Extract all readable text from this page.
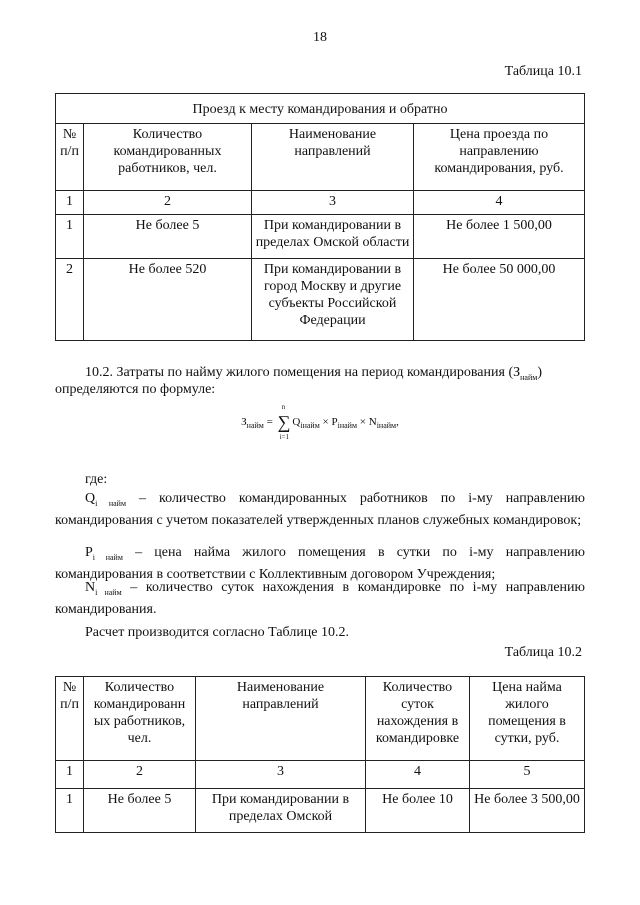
18
Таблица 10.1
Проезд к месту командирования и обратно			
№ п/п	Количество командированных работников, чел.	Наименование направлений	Цена проезда по направлению командирования, руб.
1	2	3	4
1	Не более 5	При командировании в пределах Омской области	Не более 1 500,00
2	Не более 520	При командировании в город Москву и другие субъекты Российской Федерации	Не более 50 000,00
10.2. Затраты по найму жилого помещения на период командирования $(З_{найм})$
определяются по формуле:
$З_{найм}$ = ∑
n
i=1
$Q_{iнайм} \times P_{iнайм} \times N_{iнайм}$,
где:
$Q_{i найм}$ – количество командированных работников по i-му направлению командирования с учетом показателей утвержденных планов служебных командировок;
$P_{i найм}$ – цена найма жилого помещения в сутки по i-му направлению командирования в соответствии с Коллективным договором Учреждения;
$N_{i найм}$ – количество суток нахождения в командировке по i-му направлению командирования.
Расчет производится согласно Таблице 10.2.
Таблица 10.2
№ п/п	Количество командированн ых работников, чел.	Наименование направлений	Количество суток нахождения в командировке	Цена найма жилого помещения в сутки, руб.
1	2	3	4	5
1	Не более 5	При командировании в пределах Омской	Не более 10	Не более 3 500,00
